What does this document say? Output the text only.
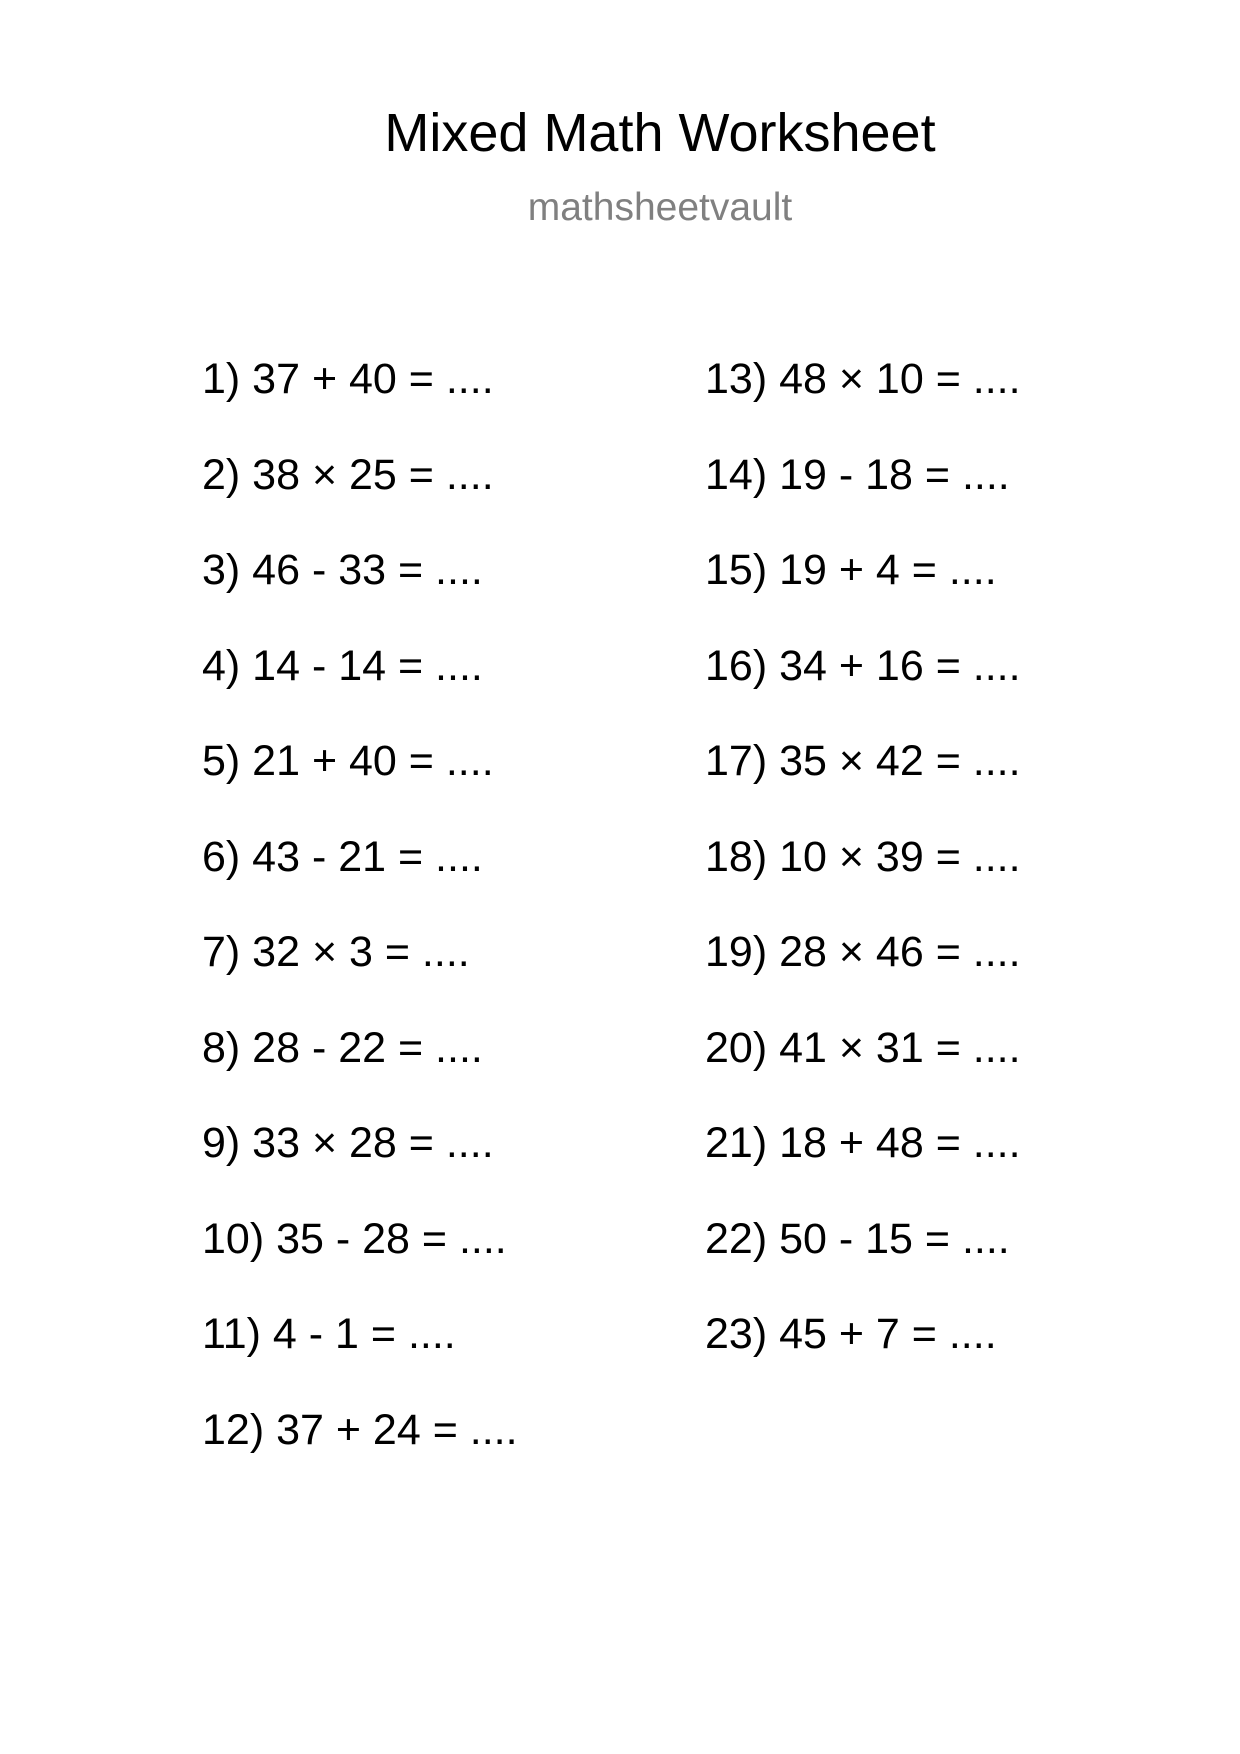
Mixed Math Worksheet
mathsheetvault
1) 37 + 40 = ....
2) 38 × 25 = ....
3) 46 - 33 = ....
4) 14 - 14 = ....
5) 21 + 40 = ....
6) 43 - 21 = ....
7) 32 × 3 = ....
8) 28 - 22 = ....
9) 33 × 28 = ....
10) 35 - 28 = ....
11) 4 - 1 = ....
12) 37 + 24 = ....
13) 48 × 10 = ....
14) 19 - 18 = ....
15) 19 + 4 = ....
16) 34 + 16 = ....
17) 35 × 42 = ....
18) 10 × 39 = ....
19) 28 × 46 = ....
20) 41 × 31 = ....
21) 18 + 48 = ....
22) 50 - 15 = ....
23) 45 + 7 = ....
